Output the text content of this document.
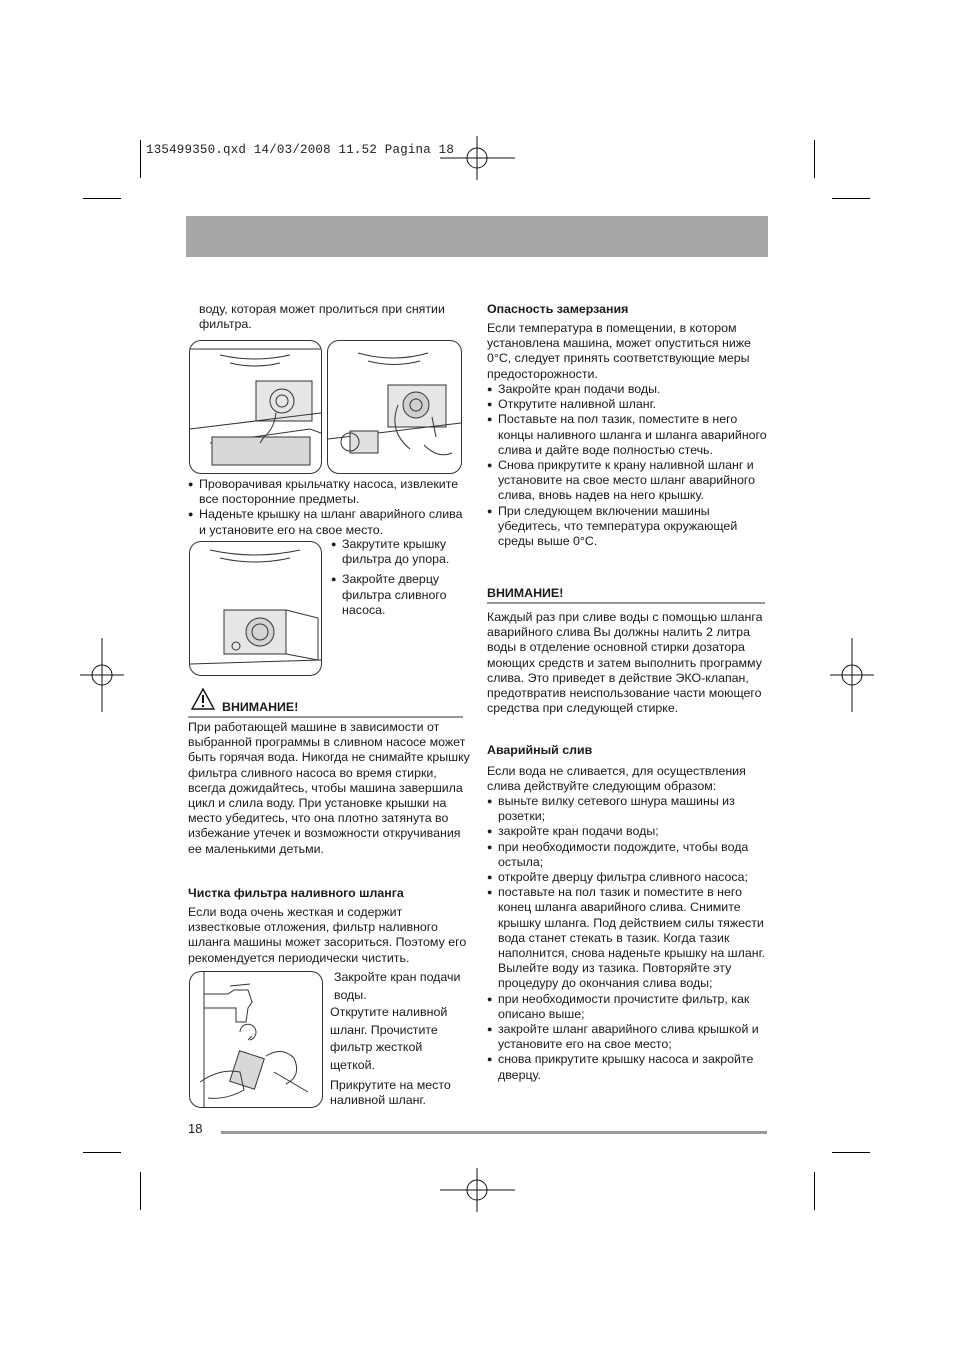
135499350.qxd 14/03/2008 11.52 Pagina 18

воду, которая может пролиться при снятии фильтра.

● Проворачивая крыльчатку насоса, извлеките все посторонние предметы.
● Наденьте крышку на шланг аварийного слива и установите его на свое место.
● Закрутите крышку фильтра до упора.
● Закройте дверцу фильтра сливного насоса.
ВНИМАНИЕ!

При работающей машине в зависимости от выбранной программы в сливном насосе может быть горячая вода. Никогда не снимайте крышку фильтра сливного насоса во время стирки, всегда дожидайтесь, чтобы машина завершила цикл и слила воду. При установке крышки на место убедитесь, что она плотно затянута во избежание утечек и возможности откручивания ее маленькими детьми.

Чистка фильтра наливного шланга

Если вода очень жесткая и содержит известковые отложения, фильтр наливного шланга машины может засориться. Поэтому его рекомендуется периодически чистить.

Закройте кран подачи воды.

Открутите наливной шланг. Прочистите фильтр жесткой щеткой.

Прикрутите на место наливной шланг.

Опасность замерзания

Если температура в помещении, в котором установлена машина, может опуститься ниже 0°С, следует принять соответствующие меры предосторожности.

● Закройте кран подачи воды.
● Открутите наливной шланг.
● Поставьте на пол тазик, поместите в него концы наливного шланга и шланга аварийного слива и дайте воде полностью стечь.
● Снова прикрутите к крану наливной шланг и установите на свое место шланг аварийного слива, вновь надев на него крышку.
● При следующем включении машины убедитесь, что температура окружающей среды выше 0°С.
ВНИМАНИЕ!

Каждый раз при сливе воды с помощью шланга аварийного слива Вы должны налить 2 литра воды в отделение основной стирки дозатора моющих средств и затем выполнить программу слива. Это приведет в действие ЭКО-клапан, предотвратив неиспользование части моющего средства при следующей стирке.

Аварийный слив

Если вода не сливается, для осуществления слива действуйте следующим образом:

● выньте вилку сетевого шнура машины из розетки;
● закройте кран подачи воды;
● при необходимости подождите, чтобы вода остыла;
● откройте дверцу фильтра сливного насоса;
● поставьте на пол тазик и поместите в него конец шланга аварийного слива. Снимите крышку шланга. Под действием силы тяжести вода станет стекать в тазик. Когда тазик наполнится, снова наденьте крышку на шланг. Вылейте воду из тазика. Повторяйте эту процедуру до окончания слива воды;
● при необходимости прочистите фильтр, как описано выше;
● закройте шланг аварийного слива крышкой и установите его на свое место;
● снова прикрутите крышку насоса и закройте дверцу.
18
